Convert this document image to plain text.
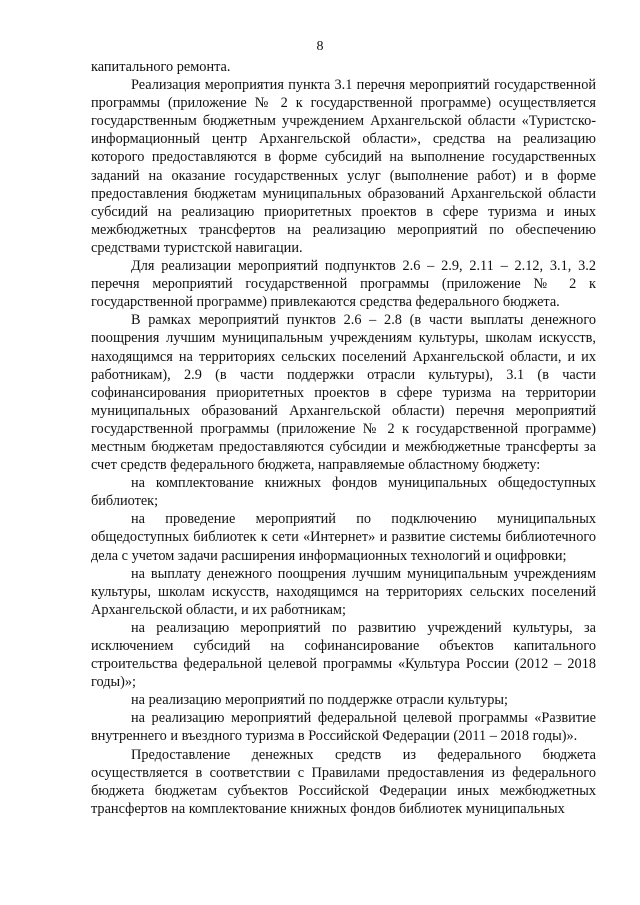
8

капитального ремонта.

Реализация мероприятия пункта 3.1 перечня мероприятий государственной программы (приложение № 2 к государственной программе) осуществляется государственным бюджетным учреждением Архангельской области «Туристско-информационный центр Архангельской области», средства на реализацию которого предоставляются в форме субсидий на выполнение государственных заданий на оказание государственных услуг (выполнение работ) и в форме предоставления бюджетам муниципальных образований Архангельской области субсидий на реализацию приоритетных проектов в сфере туризма и иных межбюджетных трансфертов на реализацию мероприятий по обеспечению средствами туристской навигации.

Для реализации мероприятий подпунктов 2.6 – 2.9, 2.11 – 2.12, 3.1, 3.2 перечня мероприятий государственной программы (приложение № 2 к государственной программе) привлекаются средства федерального бюджета.

В рамках мероприятий пунктов 2.6 – 2.8 (в части выплаты денежного поощрения лучшим муниципальным учреждениям культуры, школам искусств, находящимся на территориях сельских поселений Архангельской области, и их работникам), 2.9 (в части поддержки отрасли культуры), 3.1 (в части софинансирования приоритетных проектов в сфере туризма на территории муниципальных образований Архангельской области) перечня мероприятий государственной программы (приложение № 2 к государственной программе) местным бюджетам предоставляются субсидии и межбюджетные трансферты за счет средств федерального бюджета, направляемые областному бюджету:

на комплектование книжных фондов муниципальных общедоступных библиотек;

на проведение мероприятий по подключению муниципальных общедоступных библиотек к сети «Интернет» и развитие системы библиотечного дела с учетом задачи расширения информационных технологий и оцифровки;

на выплату денежного поощрения лучшим муниципальным учреждениям культуры, школам искусств, находящимся на территориях сельских поселений Архангельской области, и их работникам;

на реализацию мероприятий по развитию учреждений культуры, за исключением субсидий на софинансирование объектов капитального строительства федеральной целевой программы «Культура России (2012 – 2018 годы)»;

на реализацию мероприятий по поддержке отрасли культуры;

на реализацию мероприятий федеральной целевой программы «Развитие внутреннего и въездного туризма в Российской Федерации (2011 – 2018 годы)».

Предоставление денежных средств из федерального бюджета осуществляется в соответствии с Правилами предоставления из федерального бюджета бюджетам субъектов Российской Федерации иных межбюджетных трансфертов на комплектование книжных фондов библиотек муниципальных
